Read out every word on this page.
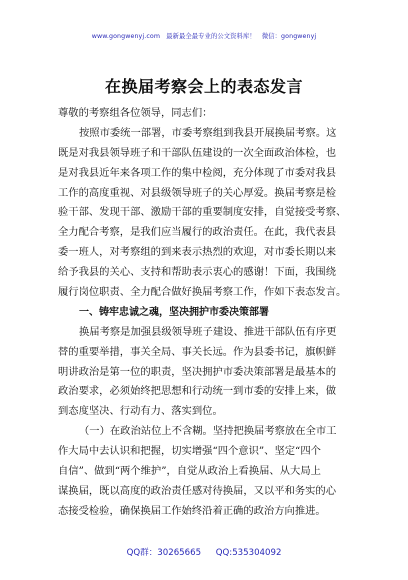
www.gongwenyj.com 最新最全最专业的公文资料库！ 微信：gongwenyj
在换届考察会上的表态发言
尊敬的考察组各位领导，同志们：
按照市委统一部署，市委考察组到我县开展换届考察。这
既是对我县领导班子和干部队伍建设的一次全面政治体检，也
是对我县近年来各项工作的集中检阅，充分体现了市委对我县
工作的高度重视、对县级领导班子的关心厚爱。换届考察是检
验干部、发现干部、激励干部的重要制度安排，自觉接受考察、
全力配合考察，是我们应当履行的政治责任。在此，我代表县
委一班人，对考察组的到来表示热烈的欢迎，对市委长期以来
给予我县的关心、支持和帮助表示衷心的感谢！下面，我围绕
履行岗位职责、全力配合做好换届考察工作，作如下表态发言。
一、铸牢忠诚之魂，坚决拥护市委决策部署
换届考察是加强县级领导班子建设、推进干部队伍有序更
替的重要举措，事关全局、事关长远。作为县委书记，旗帜鲜
明讲政治是第一位的职责，坚决拥护市委决策部署是最基本的
政治要求，必须始终把思想和行动统一到市委的安排上来，做
到态度坚决、行动有力、落实到位。
（一）在政治站位上不含糊。坚持把换届考察放在全市工
作大局中去认识和把握，切实增强“四个意识”、坚定“四个
自信”、做到“两个维护”，自觉从政治上看换届、从大局上
谋换届，既以高度的政治责任感对待换届，又以平和务实的心
态接受检验，确保换届工作始终沿着正确的政治方向推进。
QQ群：30265665 QQ:535304092
